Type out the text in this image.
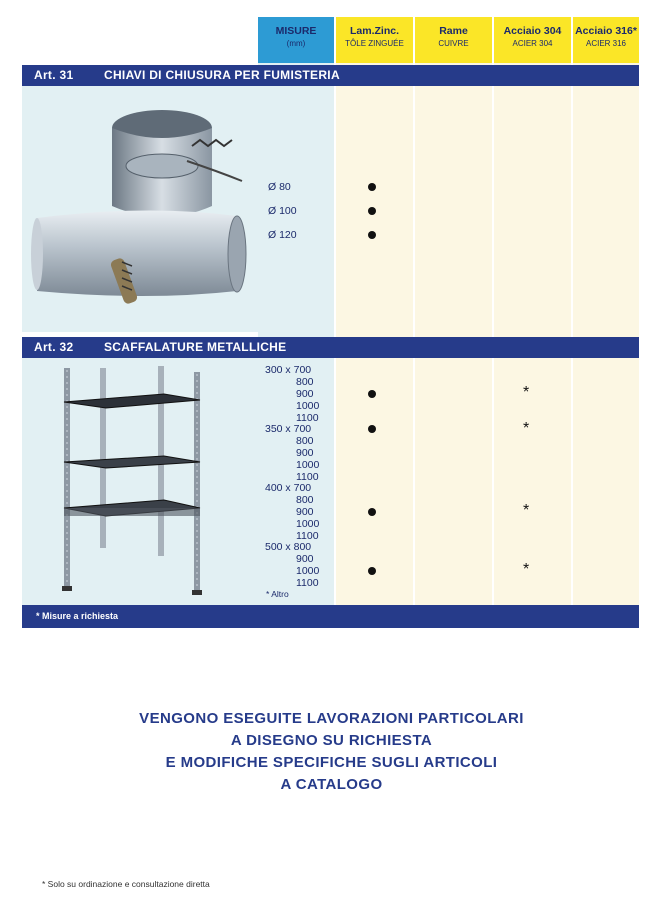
MISURE
(mm)
Lam.Zinc.
TÔLE ZINGUÉE
Rame
CUIVRE
Acciaio 304
ACIER 304
Acciaio 316*
ACIER 316
Art. 31	CHIAVI DI CHIUSURA PER FUMISTERIA
Ø 80
Ø 100
Ø 120
Art. 32	SCAFFALATURE METALLICHE
300 x 700
800
900
1000
1100
350 x 700
800
900
1000
1100
400 x 700
800
900
1000
1100
500 x 800
900
1000
1100
* Altro
*
*
*
*
* Misure a richiesta
VENGONO ESEGUITE LAVORAZIONI PARTICOLARI
A DISEGNO SU RICHIESTA
E MODIFICHE SPECIFICHE SUGLI ARTICOLI
A CATALOGO
* Solo su ordinazione e consultazione diretta
